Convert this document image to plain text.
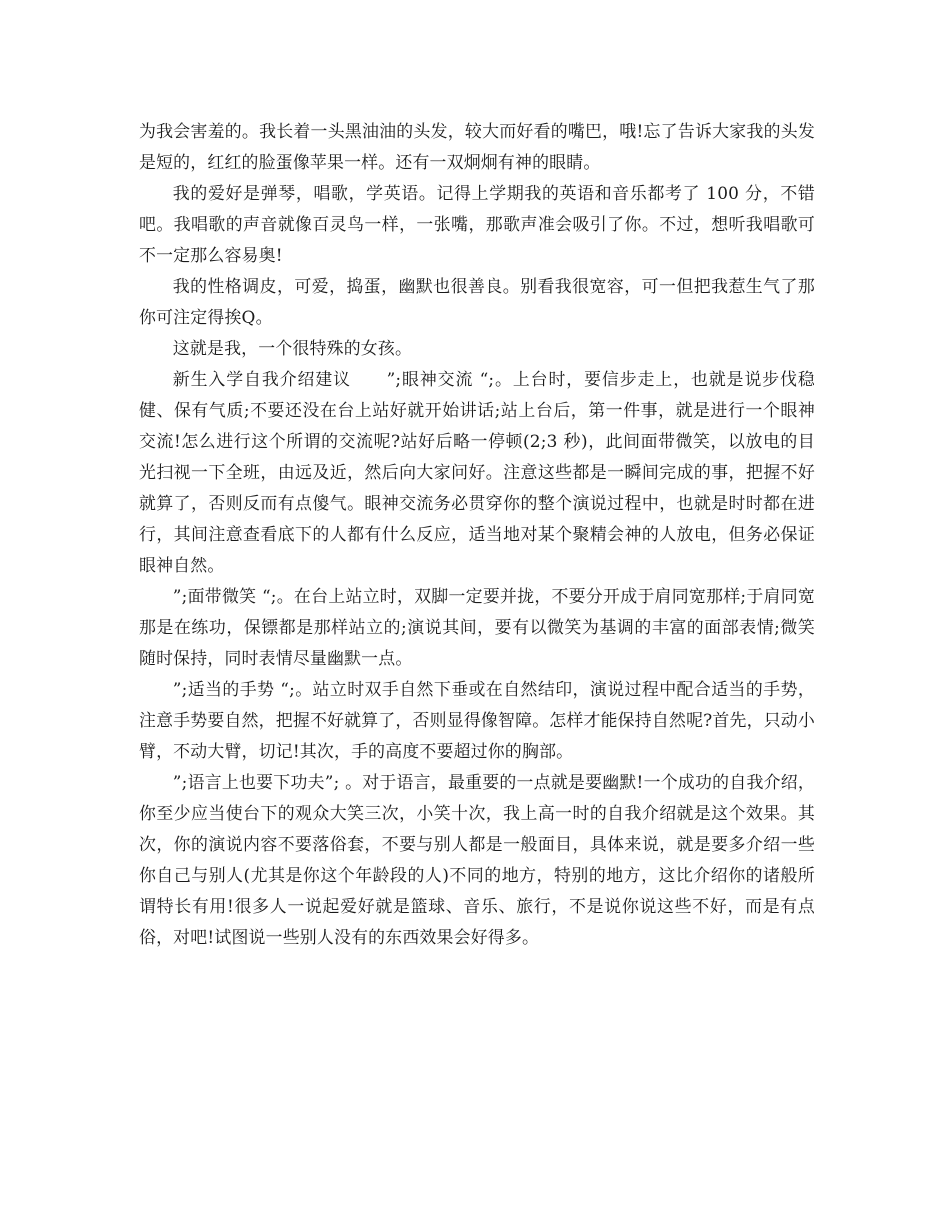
为我会害羞的。我长着一头黑油油的头发，较大而好看的嘴巴，哦!忘了告诉大家我的头发是短的，红红的脸蛋像苹果一样。还有一双炯炯有神的眼睛。

我的爱好是弹琴，唱歌，学英语。记得上学期我的英语和音乐都考了 100 分，不错吧。我唱歌的声音就像百灵鸟一样，一张嘴，那歌声准会吸引了你。不过，想听我唱歌可不一定那么容易奥!

我的性格调皮，可爱，捣蛋，幽默也很善良。别看我很宽容，可一但把我惹生气了那你可注定得挨Q。

这就是我，一个很特殊的女孩。

新生入学自我介绍建议　　”;眼神交流 “;。上台时，要信步走上，也就是说步伐稳健、保有气质;不要还没在台上站好就开始讲话;站上台后，第一件事，就是进行一个眼神交流!怎么进行这个所谓的交流呢?站好后略一停顿(2;3 秒)，此间面带微笑，以放电的目光扫视一下全班，由远及近，然后向大家问好。注意这些都是一瞬间完成的事，把握不好就算了，否则反而有点傻气。眼神交流务必贯穿你的整个演说过程中，也就是时时都在进行，其间注意查看底下的人都有什么反应，适当地对某个聚精会神的人放电，但务必保证眼神自然。

”;面带微笑 “;。在台上站立时，双脚一定要并拢，不要分开成于肩同宽那样;于肩同宽那是在练功，保镖都是那样站立的;演说其间，要有以微笑为基调的丰富的面部表情;微笑随时保持，同时表情尽量幽默一点。

”;适当的手势 “;。站立时双手自然下垂或在自然结印，演说过程中配合适当的手势，注意手势要自然，把握不好就算了，否则显得像智障。怎样才能保持自然呢?首先，只动小臂，不动大臂，切记!其次，手的高度不要超过你的胸部。

”;语言上也要下功夫”; 。对于语言，最重要的一点就是要幽默!一个成功的自我介绍，你至少应当使台下的观众大笑三次，小笑十次，我上高一时的自我介绍就是这个效果。其次，你的演说内容不要落俗套，不要与别人都是一般面目，具体来说，就是要多介绍一些你自己与别人(尤其是你这个年龄段的人)不同的地方，特别的地方，这比介绍你的诸般所谓特长有用!很多人一说起爱好就是篮球、音乐、旅行，不是说你说这些不好，而是有点俗，对吧!试图说一些别人没有的东西效果会好得多。
